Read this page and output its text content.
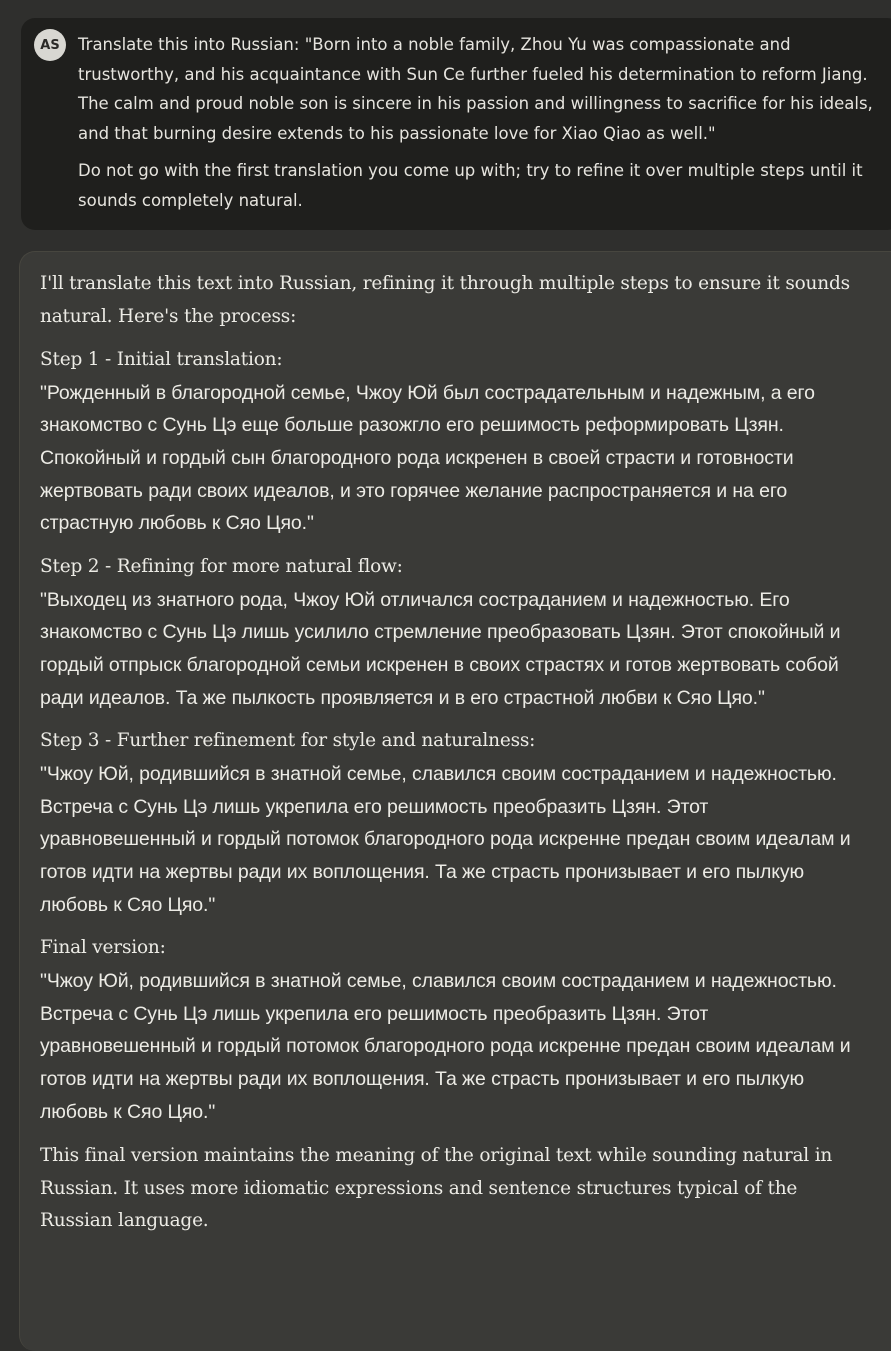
AS	Translate this into Russian: "Born into a noble family, Zhou Yu was compassionate and trustworthy, and his acquaintance with Sun Ce further fueled his determination to reform Jiang. The calm and proud noble son is sincere in his passion and willingness to sacrifice for his ideals, and that burning desire extends to his passionate love for Xiao Qiao as well."

Do not go with the first translation you come up with; try to refine it over multiple steps until it sounds completely natural.

I'll translate this text into Russian, refining it through multiple steps to ensure it sounds natural. Here's the process:

Step 1 - Initial translation:

"Рожденный в благородной семье, Чжоу Юй был сострадательным и надежным, а его знакомство с Сунь Цэ еще больше разожгло его решимость реформировать Цзян. Спокойный и гордый сын благородного рода искренен в своей страсти и готовности жертвовать ради своих идеалов, и это горячее желание распространяется и на его страстную любовь к Сяо Цяо."

Step 2 - Refining for more natural flow:

"Выходец из знатного рода, Чжоу Юй отличался состраданием и надежностью. Его знакомство с Сунь Цэ лишь усилило стремление преобразовать Цзян. Этот спокойный и гордый отпрыск благородной семьи искренен в своих страстях и готов жертвовать собой ради идеалов. Та же пылкость проявляется и в его страстной любви к Сяо Цяо."

Step 3 - Further refinement for style and naturalness:

"Чжоу Юй, родившийся в знатной семье, славился своим состраданием и надежностью. Встреча с Сунь Цэ лишь укрепила его решимость преобразить Цзян. Этот уравновешенный и гордый потомок благородного рода искренне предан своим идеалам и готов идти на жертвы ради их воплощения. Та же страсть пронизывает и его пылкую любовь к Сяо Цяо."

Final version:

"Чжоу Юй, родившийся в знатной семье, славился своим состраданием и надежностью. Встреча с Сунь Цэ лишь укрепила его решимость преобразить Цзян. Этот уравновешенный и гордый потомок благородного рода искренне предан своим идеалам и готов идти на жертвы ради их воплощения. Та же страсть пронизывает и его пылкую любовь к Сяо Цяо."

This final version maintains the meaning of the original text while sounding natural in Russian. It uses more idiomatic expressions and sentence structures typical of the Russian language.
